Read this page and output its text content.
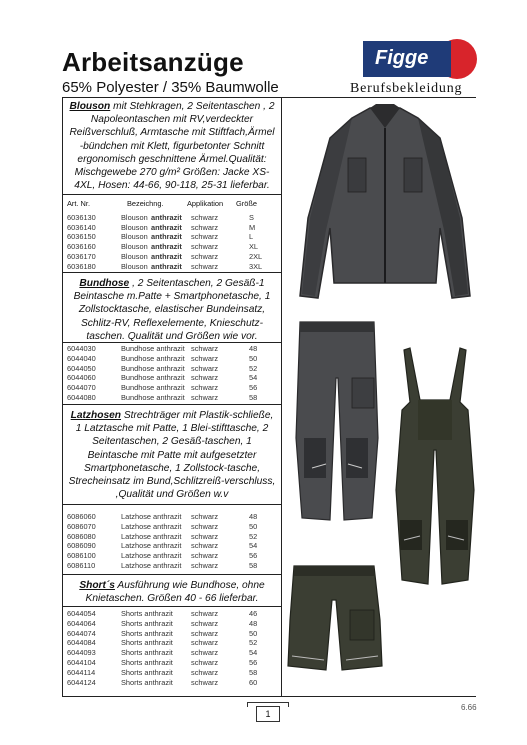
Arbeitsanzüge
65% Polyester / 35% Baumwolle
Figge
Berufsbekleidung
Blouson mit Stehkragen, 2 Seitentaschen , 2 Napoleontaschen mit RV,verdeckter Reißverschluß, Armtasche mit Stiftfach,Ärmel -bündchen mit Klett, figurbetonter Schnitt ergonomisch geschnittene Ärmel.Qualität: Mischgewebe 270 g/m² Größen: Jacke XS-4XL, Hosen: 44-66, 90-118, 25-31 lieferbar.
Art. Nr.	Bezeichng.	Applikation Größe
6036130	Blouson anthrazit schwarz	S
6036140	Blouson anthrazit schwarz	M
6036150	Blouson anthrazit schwarz	L
6036160	Blouson anthrazit schwarz	XL
6036170	Blouson anthrazit schwarz	2XL
6036180	Blouson anthrazit schwarz	3XL
Bundhose , 2 Seitentaschen, 2 Gesäß-1 Beintasche m.Patte + Smartphonetasche, 1 Zollstocktasche, elastischer Bundeinsatz, Schlitz-RV, Reflexelemente, Knieschutz-taschen. Qualität und Größen wie vor.
6044030	Bundhose anthrazit schwarz	48
6044040	Bundhose anthrazit schwarz	50
6044050	Bundhose anthrazit schwarz	52
6044060	Bundhose anthrazit schwarz	54
6044070	Bundhose anthrazit schwarz	56
6044080	Bundhose anthrazit schwarz	58
Latzhosen Strechträger mit Plastik-schließe, 1 Latztasche mit Patte, 1 Blei-stifttasche, 2 Seitentaschen, 2 Gesäß-taschen, 1 Beintasche mit Patte mit aufgesetzter Smartphonetasche, 1 Zollstock-tasche, Strecheinsatz im Bund,Schlitzreiß-verschluss, ,Qualität und Größen w.v
6086060	Latzhose anthrazit schwarz	48
6086070	Latzhose anthrazit schwarz	50
6086080	Latzhose anthrazit schwarz	52
6086090	Latzhose anthrazit schwarz	54
6086100	Latzhose anthrazit schwarz	56
6086110	Latzhose anthrazit schwarz	58
Short´s Ausführung wie Bundhose, ohne Knietaschen. Größen 40 - 66 lieferbar.
6044054	Shorts anthrazit schwarz	46
6044064	Shorts anthrazit schwarz	48
6044074	Shorts anthrazit schwarz	50
6044084	Shorts anthrazit schwarz	52
6044093	Shorts anthrazit schwarz	54
6044104	Shorts anthrazit schwarz	56
6044114	Shorts anthrazit schwarz	58
6044124	Shorts anthrazit schwarz	60
1
6.66
